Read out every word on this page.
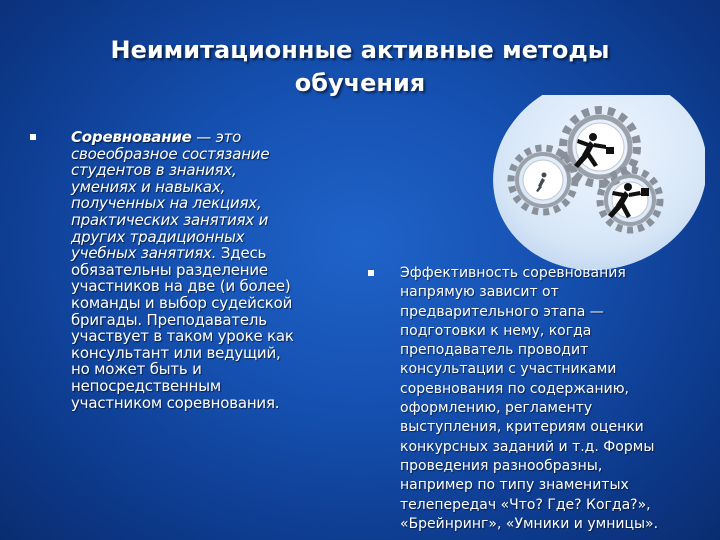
Неимитационные активные методы
обучения
Соревнование — это
своеобразное состязание
студентов в знаниях,
умениях и навыках,
полученных на лекциях,
практических занятиях и
других традиционных
учебных занятиях. Здесь
обязательны разделение
участников на две (и более)
команды и выбор судейской
бригады. Преподаватель
участвует в таком уроке как
консультант или ведущий,
но может быть и
непосредственным
участником соревнования.
Эффективность соревнования
напрямую зависит от
предварительного этапа —
подготовки к нему, когда
преподаватель проводит
консультации с участниками
соревнования по содержанию,
оформлению, регламенту
выступления, критериям оценки
конкурсных заданий и т.д. Формы
проведения разнообразны,
например по типу знаменитых
телепередач «Что? Где? Когда?»,
«Брейнринг», «Умники и умницы».
